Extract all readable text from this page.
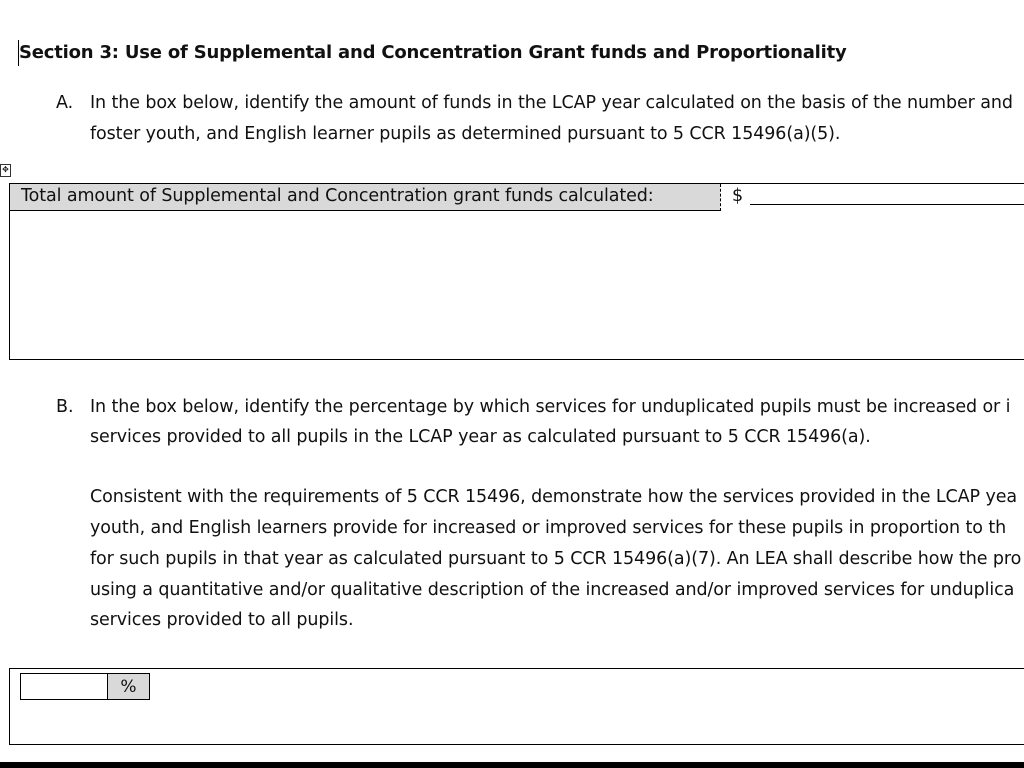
Section 3: Use of Supplemental and Concentration Grant funds and Proportionality
A. In the box below, identify the amount of funds in the LCAP year calculated on the basis of the number and
foster youth, and English learner pupils as determined pursuant to 5 CCR 15496(a)(5).
✥
Total amount of Supplemental and Concentration grant funds calculated:	$
B. In the box below, identify the percentage by which services for unduplicated pupils must be increased or i
services provided to all pupils in the LCAP year as calculated pursuant to 5 CCR 15496(a).
Consistent with the requirements of 5 CCR 15496, demonstrate how the services provided in the LCAP yea
youth, and English learners provide for increased or improved services for these pupils in proportion to th
for such pupils in that year as calculated pursuant to 5 CCR 15496(a)(7). An LEA shall describe how the pro
using a quantitative and/or qualitative description of the increased and/or improved services for unduplica
services provided to all pupils.
%
